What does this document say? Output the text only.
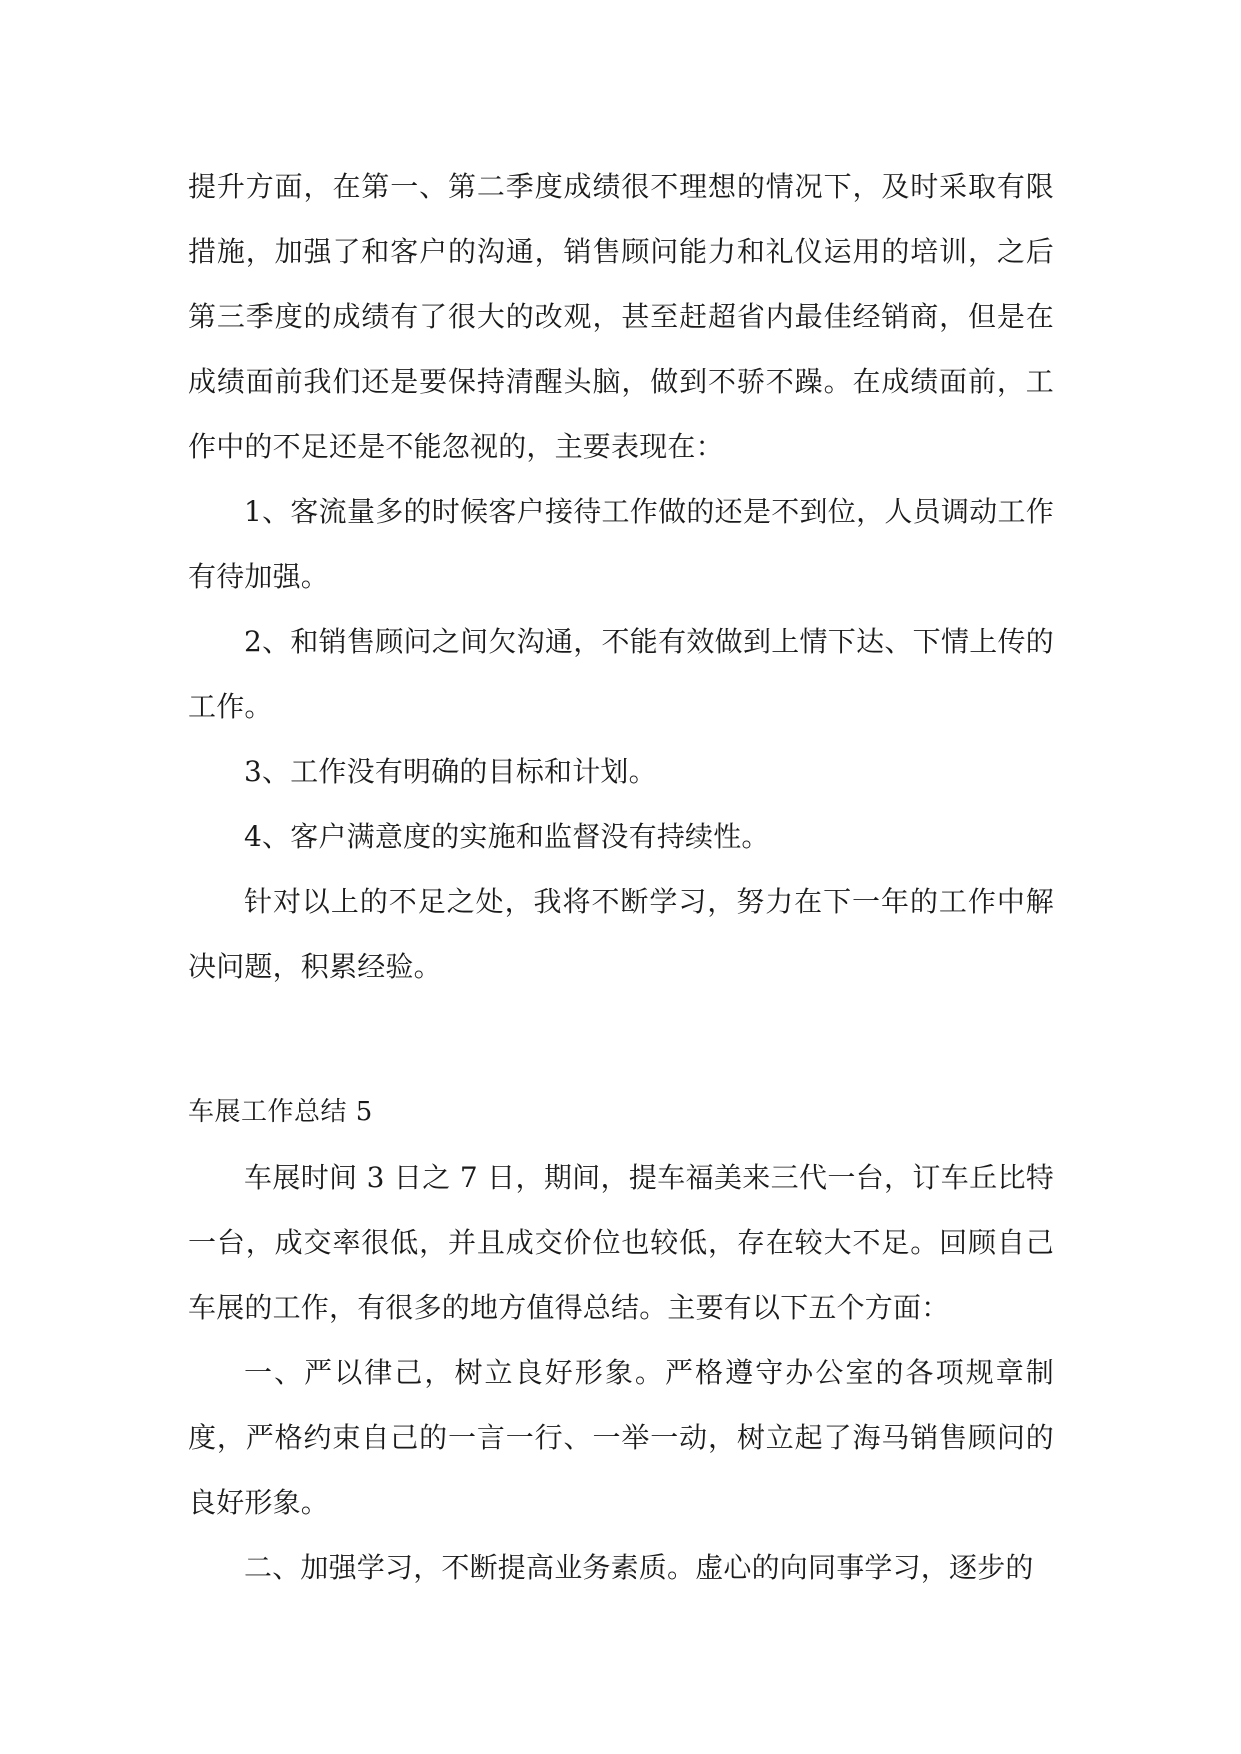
提升方面，在第一、第二季度成绩很不理想的情况下，及时采取有限措施，加强了和客户的沟通，销售顾问能力和礼仪运用的培训，之后第三季度的成绩有了很大的改观，甚至赶超省内最佳经销商，但是在成绩面前我们还是要保持清醒头脑，做到不骄不躁。在成绩面前，工作中的不足还是不能忽视的，主要表现在：

1、客流量多的时候客户接待工作做的还是不到位，人员调动工作有待加强。

2、和销售顾问之间欠沟通，不能有效做到上情下达、下情上传的工作。

3、工作没有明确的目标和计划。

4、客户满意度的实施和监督没有持续性。

针对以上的不足之处，我将不断学习，努力在下一年的工作中解决问题，积累经验。

车展工作总结 5

车展时间 3 日之 7 日，期间，提车福美来三代一台，订车丘比特一台，成交率很低，并且成交价位也较低，存在较大不足。回顾自己车展的工作，有很多的地方值得总结。主要有以下五个方面：

一、严以律己，树立良好形象。严格遵守办公室的各项规章制度，严格约束自己的一言一行、一举一动，树立起了海马销售顾问的良好形象。

二、加强学习，不断提高业务素质。虚心的向同事学习，逐步的
